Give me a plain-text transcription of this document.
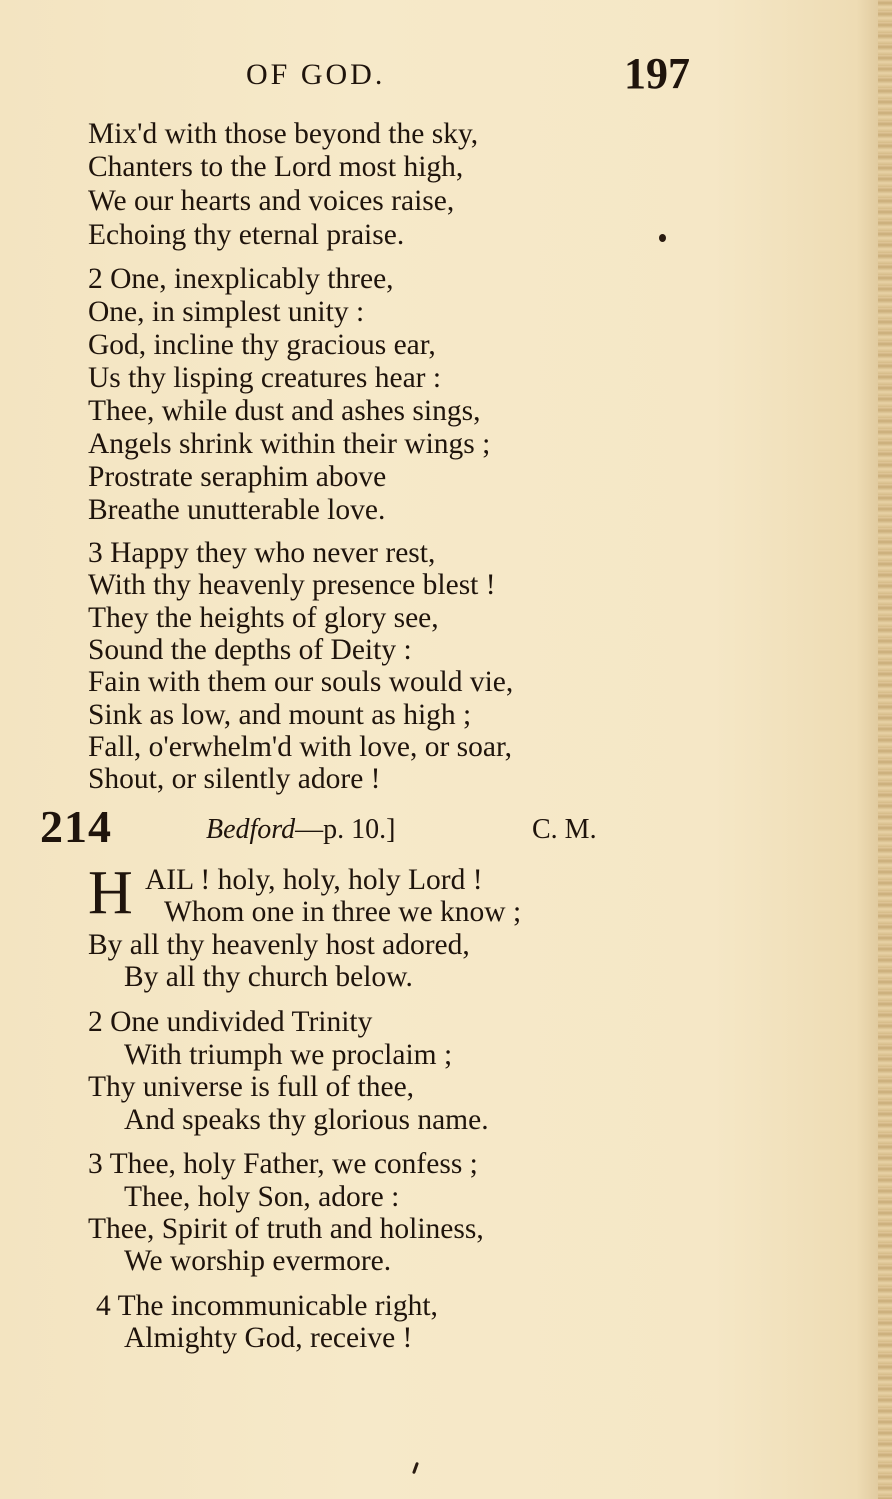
OF GOD.	197
Mix'd with those beyond the sky,
Chanters to the Lord most high,
We our hearts and voices raise,
Echoing thy eternal praise.
2 One, inexplicably three,
One, in simplest unity :
God, incline thy gracious ear,
Us thy lisping creatures hear :
Thee, while dust and ashes sings,
Angels shrink within their wings ;
Prostrate seraphim above
Breathe unutterable love.
3 Happy they who never rest,
With thy heavenly presence blest !
They the heights of glory see,
Sound the depths of Deity :
Fain with them our souls would vie,
Sink as low, and mount as high ;
Fall, o'erwhelm'd with love, or soar,
Shout, or silently adore !
214	Bedford—p. 10.]	C. M.
H AIL ! holy, holy, holy Lord !
Whom one in three we know ;
By all thy heavenly host adored,
By all thy church below.
2 One undivided Trinity
With triumph we proclaim ;
Thy universe is full of thee,
And speaks thy glorious name.
3 Thee, holy Father, we confess ;
Thee, holy Son, adore :
Thee, Spirit of truth and holiness,
We worship evermore.
4 The incommunicable right,
Almighty God, receive !
